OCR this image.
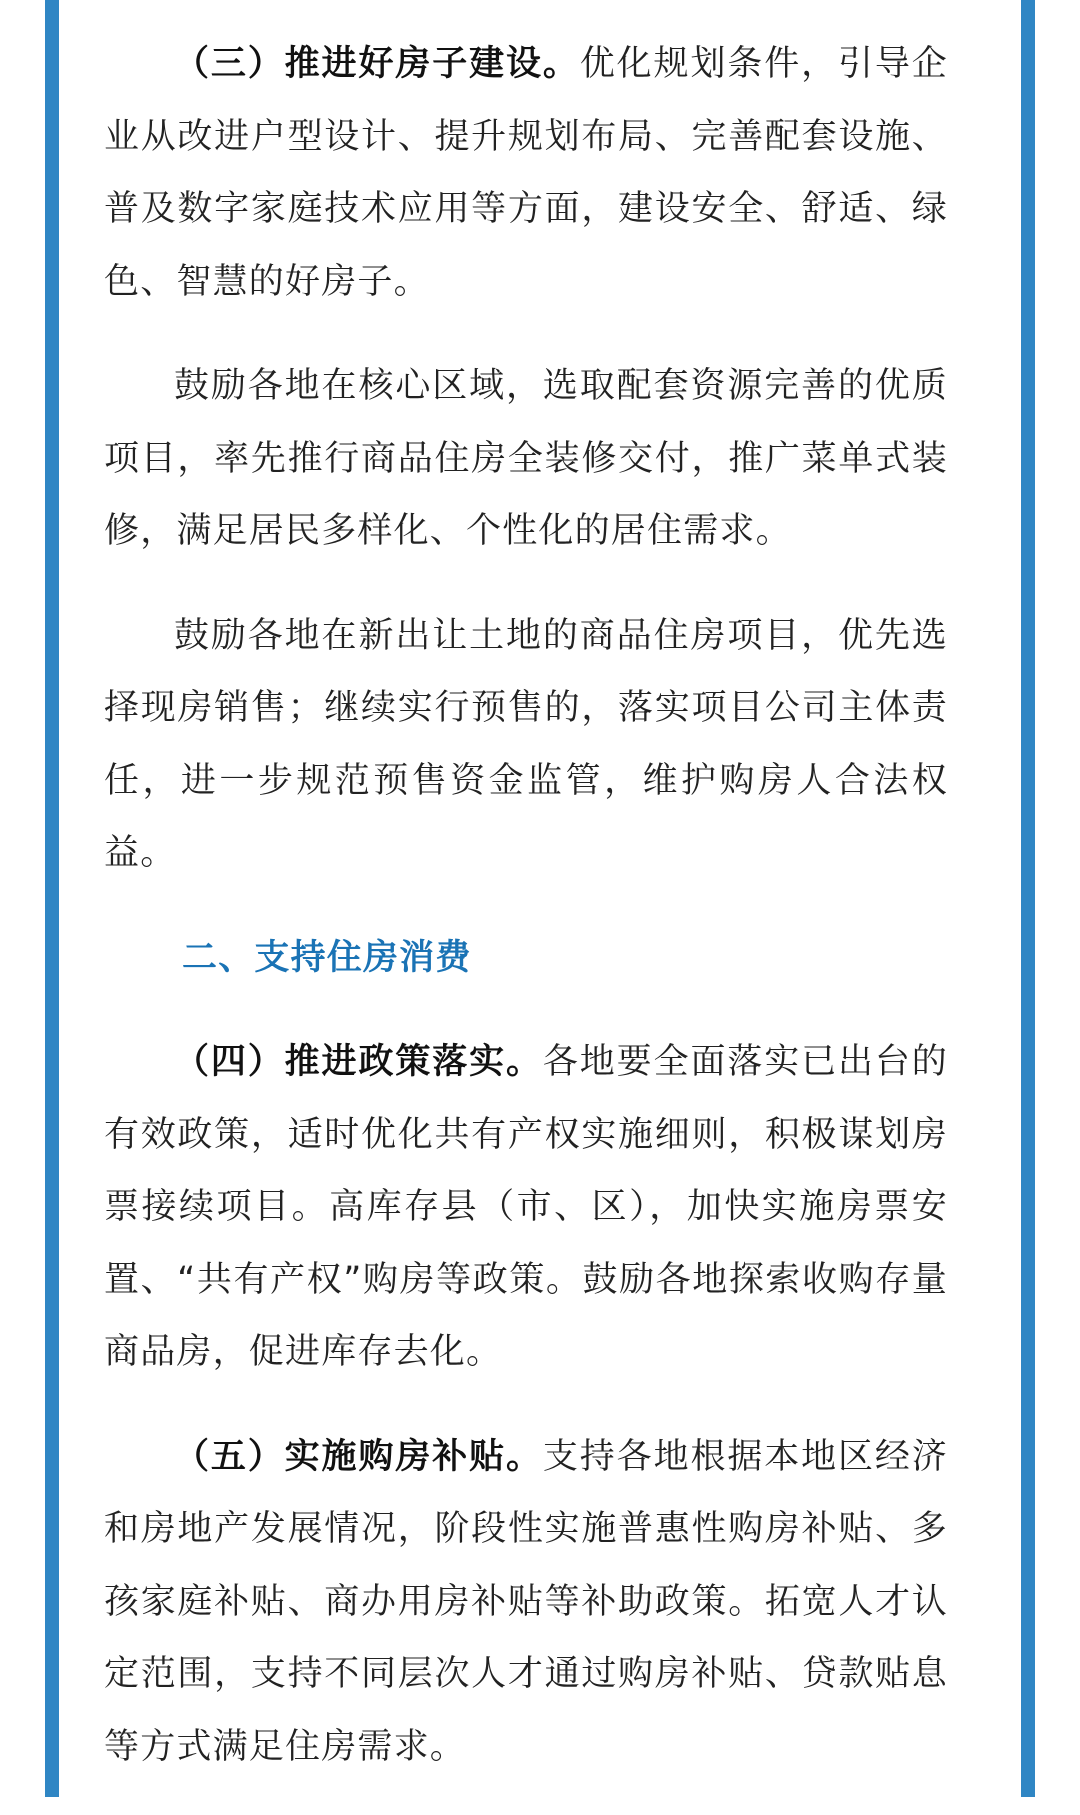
（三）推进好房子建设。优化规划条件，引导企业从改进户型设计、提升规划布局、完善配套设施、普及数字家庭技术应用等方面，建设安全、舒适、绿色、智慧的好房子。

鼓励各地在核心区域，选取配套资源完善的优质项目，率先推行商品住房全装修交付，推广菜单式装修，满足居民多样化、个性化的居住需求。

鼓励各地在新出让土地的商品住房项目，优先选择现房销售；继续实行预售的，落实项目公司主体责任，进一步规范预售资金监管，维护购房人合法权益。

二、支持住房消费

（四）推进政策落实。各地要全面落实已出台的有效政策，适时优化共有产权实施细则，积极谋划房票接续项目。高库存县（市、区），加快实施房票安置、“共有产权”购房等政策。鼓励各地探索收购存量商品房，促进库存去化。

（五）实施购房补贴。支持各地根据本地区经济和房地产发展情况，阶段性实施普惠性购房补贴、多孩家庭补贴、商办用房补贴等补助政策。拓宽人才认定范围，支持不同层次人才通过购房补贴、贷款贴息等方式满足住房需求。
